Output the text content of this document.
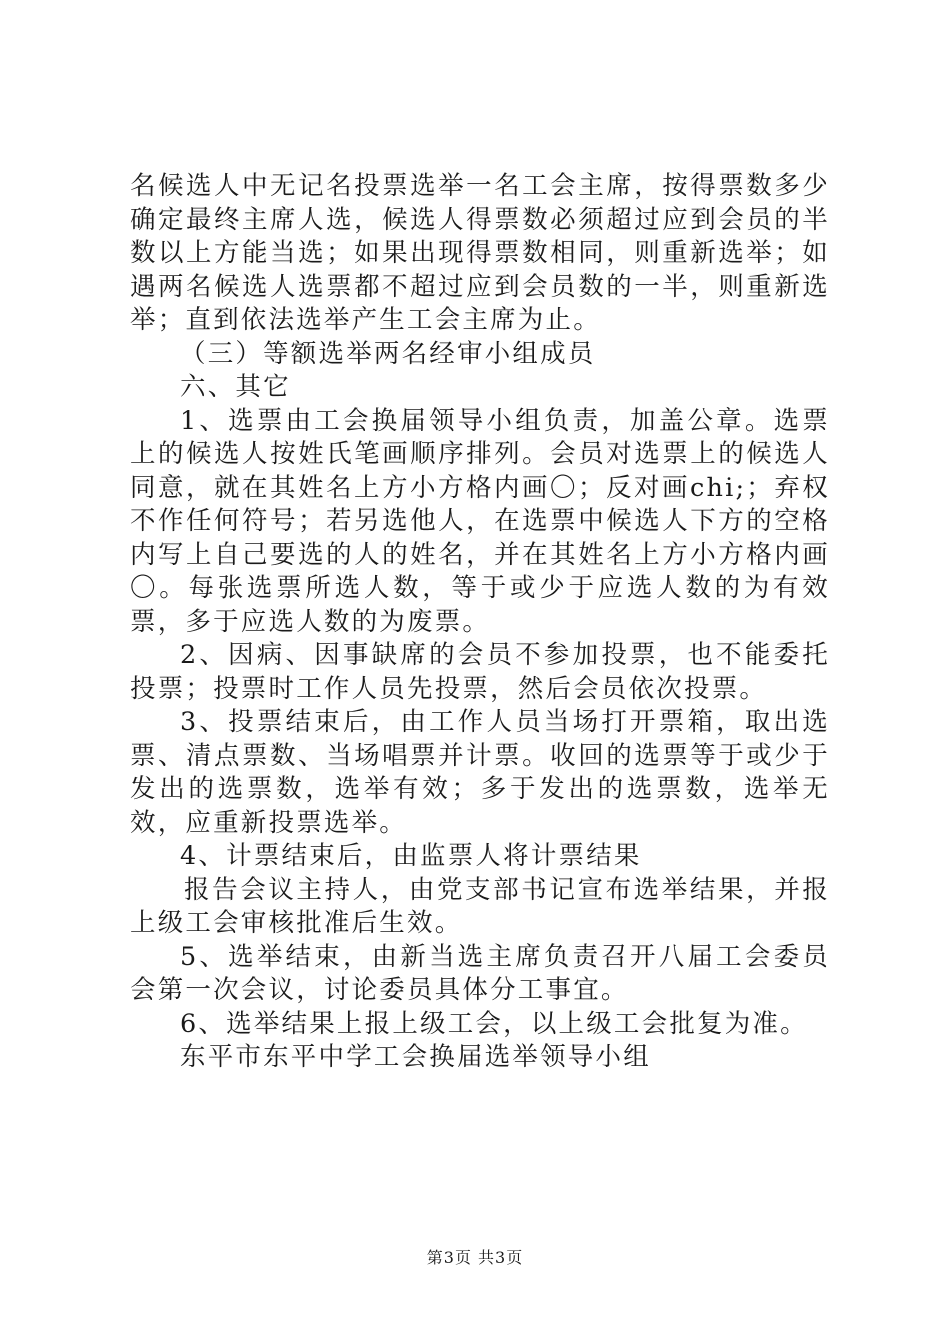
名候选人中无记名投票选举一名工会主席，按得票数多少确定最终主席人选，候选人得票数必须超过应到会员的半数以上方能当选；如果出现得票数相同，则重新选举；如遇两名候选人选票都不超过应到会员数的一半，则重新选举；直到依法选举产生工会主席为止。

（三）等额选举两名经审小组成员

六、其它

1、选票由工会换届领导小组负责，加盖公章。选票上的候选人按姓氏笔画顺序排列。会员对选票上的候选人同意，就在其姓名上方小方格内画〇；反对画chi;；弃权不作任何符号；若另选他人，在选票中候选人下方的空格内写上自己要选的人的姓名，并在其姓名上方小方格内画〇。每张选票所选人数，等于或少于应选人数的为有效票，多于应选人数的为废票。

2、因病、因事缺席的会员不参加投票，也不能委托投票；投票时工作人员先投票，然后会员依次投票。

3、投票结束后，由工作人员当场打开票箱，取出选票、清点票数、当场唱票并计票。收回的选票等于或少于发出的选票数，选举有效；多于发出的选票数，选举无效，应重新投票选举。

4、计票结束后，由监票人将计票结果

报告会议主持人，由党支部书记宣布选举结果，并报上级工会审核批准后生效。

5、选举结束，由新当选主席负责召开八届工会委员会第一次会议，讨论委员具体分工事宜。

6、选举结果上报上级工会，以上级工会批复为准。

东平市东平中学工会换届选举领导小组

第3页 共3页
